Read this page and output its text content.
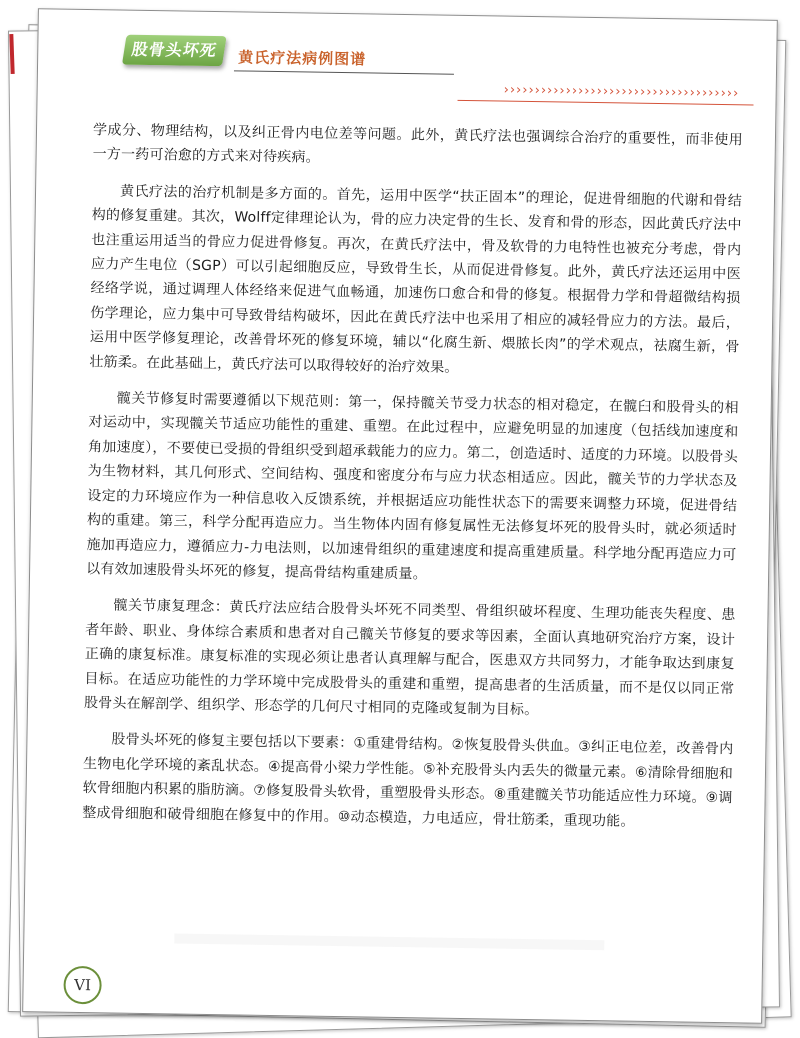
股骨头坏死	黄氏疗法病例图谱
››››››››››››››››››››››››››››››››››››››

学成分、物理结构，以及纠正骨内电位差等问题。此外，黄氏疗法也强调综合治疗的重要性，而非使用一方一药可治愈的方式来对待疾病。

黄氏疗法的治疗机制是多方面的。首先，运用中医学“扶正固本”的理论，促进骨细胞的代谢和骨结构的修复重建。其次，Wolff定律理论认为，骨的应力决定骨的生长、发育和骨的形态，因此黄氏疗法中也注重运用适当的骨应力促进骨修复。再次，在黄氏疗法中，骨及软骨的力电特性也被充分考虑，骨内应力产生电位（SGP）可以引起细胞反应，导致骨生长，从而促进骨修复。此外，黄氏疗法还运用中医经络学说，通过调理人体经络来促进气血畅通，加速伤口愈合和骨的修复。根据骨力学和骨超微结构损伤学理论，应力集中可导致骨结构破坏，因此在黄氏疗法中也采用了相应的减轻骨应力的方法。最后，运用中医学修复理论，改善骨坏死的修复环境，辅以“化腐生新、煨脓长肉”的学术观点，祛腐生新，骨壮筋柔。在此基础上，黄氏疗法可以取得较好的治疗效果。

髋关节修复时需要遵循以下规范则：第一，保持髋关节受力状态的相对稳定，在髋臼和股骨头的相对运动中，实现髋关节适应功能性的重建、重塑。在此过程中，应避免明显的加速度（包括线加速度和角加速度），不要使已受损的骨组织受到超承载能力的应力。第二，创造适时、适度的力环境。以股骨头为生物材料，其几何形式、空间结构、强度和密度分布与应力状态相适应。因此，髋关节的力学状态及设定的力环境应作为一种信息收入反馈系统，并根据适应功能性状态下的需要来调整力环境，促进骨结构的重建。第三，科学分配再造应力。当生物体内固有修复属性无法修复坏死的股骨头时，就必须适时施加再造应力，遵循应力-力电法则，以加速骨组织的重建速度和提高重建质量。科学地分配再造应力可以有效加速股骨头坏死的修复，提高骨结构重建质量。

髋关节康复理念：黄氏疗法应结合股骨头坏死不同类型、骨组织破坏程度、生理功能丧失程度、患者年龄、职业、身体综合素质和患者对自己髋关节修复的要求等因素，全面认真地研究治疗方案，设计正确的康复标准。康复标准的实现必须让患者认真理解与配合，医患双方共同努力，才能争取达到康复目标。在适应功能性的力学环境中完成股骨头的重建和重塑，提高患者的生活质量，而不是仅以同正常股骨头在解剖学、组织学、形态学的几何尺寸相同的克隆或复制为目标。

股骨头坏死的修复主要包括以下要素：①重建骨结构。②恢复股骨头供血。③纠正电位差，改善骨内生物电化学环境的紊乱状态。④提高骨小梁力学性能。⑤补充股骨头内丢失的微量元素。⑥清除骨细胞和软骨细胞内积累的脂肪滴。⑦修复股骨头软骨，重塑股骨头形态。⑧重建髋关节功能适应性力环境。⑨调整成骨细胞和破骨细胞在修复中的作用。⑩动态模造，力电适应，骨壮筋柔，重现功能。

VI
